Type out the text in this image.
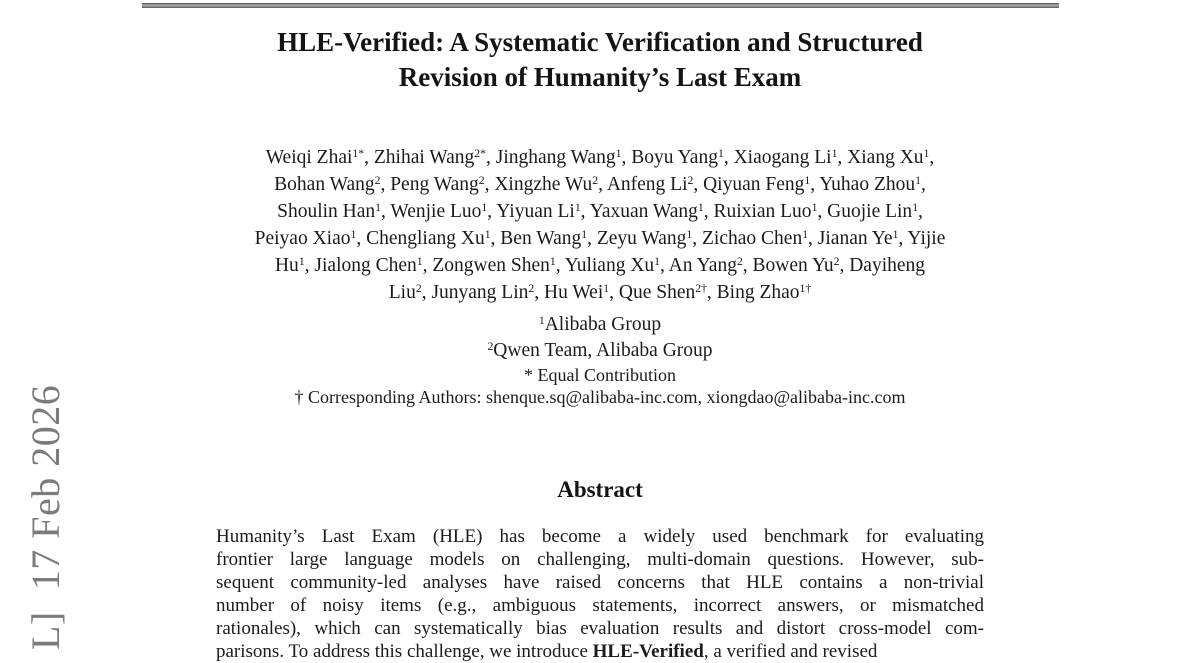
L]  17 Feb 2026
HLE-Verified: A Systematic Verification and Structured
Revision of Humanity’s Last Exam
Weiqi Zhai$^{1*}$, Zhihai Wang$^{2*}$, Jinghang Wang$^1$, Boyu Yang$^1$, Xiaogang Li$^1$, Xiang Xu$^1$,
Bohan Wang$^2$, Peng Wang$^2$, Xingzhe Wu$^2$, Anfeng Li$^2$, Qiyuan Feng$^1$, Yuhao Zhou$^1$,
Shoulin Han$^1$, Wenjie Luo$^1$, Yiyuan Li$^1$, Yaxuan Wang$^1$, Ruixian Luo$^1$, Guojie Lin$^1$,
Peiyao Xiao$^1$, Chengliang Xu$^1$, Ben Wang$^1$, Zeyu Wang$^1$, Zichao Chen$^1$, Jianan Ye$^1$, Yijie
Hu$^1$, Jialong Chen$^1$, Zongwen Shen$^1$, Yuliang Xu$^1$, An Yang$^2$, Bowen Yu$^2$, Dayiheng
Liu$^2$, Junyang Lin$^2$, Hu Wei$^1$, Que Shen$^{2\dagger}$, Bing Zhao$^{1\dagger}$
$^1$Alibaba Group
$^2$Qwen Team, Alibaba Group
* Equal Contribution
† Corresponding Authors: shenque.sq@alibaba-inc.com, xiongdao@alibaba-inc.com
Abstract
Humanity’s Last Exam (HLE) has become a widely used benchmark for evaluating
frontier large language models on challenging, multi-domain questions. However, sub-
sequent community-led analyses have raised concerns that HLE contains a non-trivial
number of noisy items (e.g., ambiguous statements, incorrect answers, or mismatched
rationales), which can systematically bias evaluation results and distort cross-model com-
parisons. To address this challenge, we introduce HLE-Verified, a verified and revised
